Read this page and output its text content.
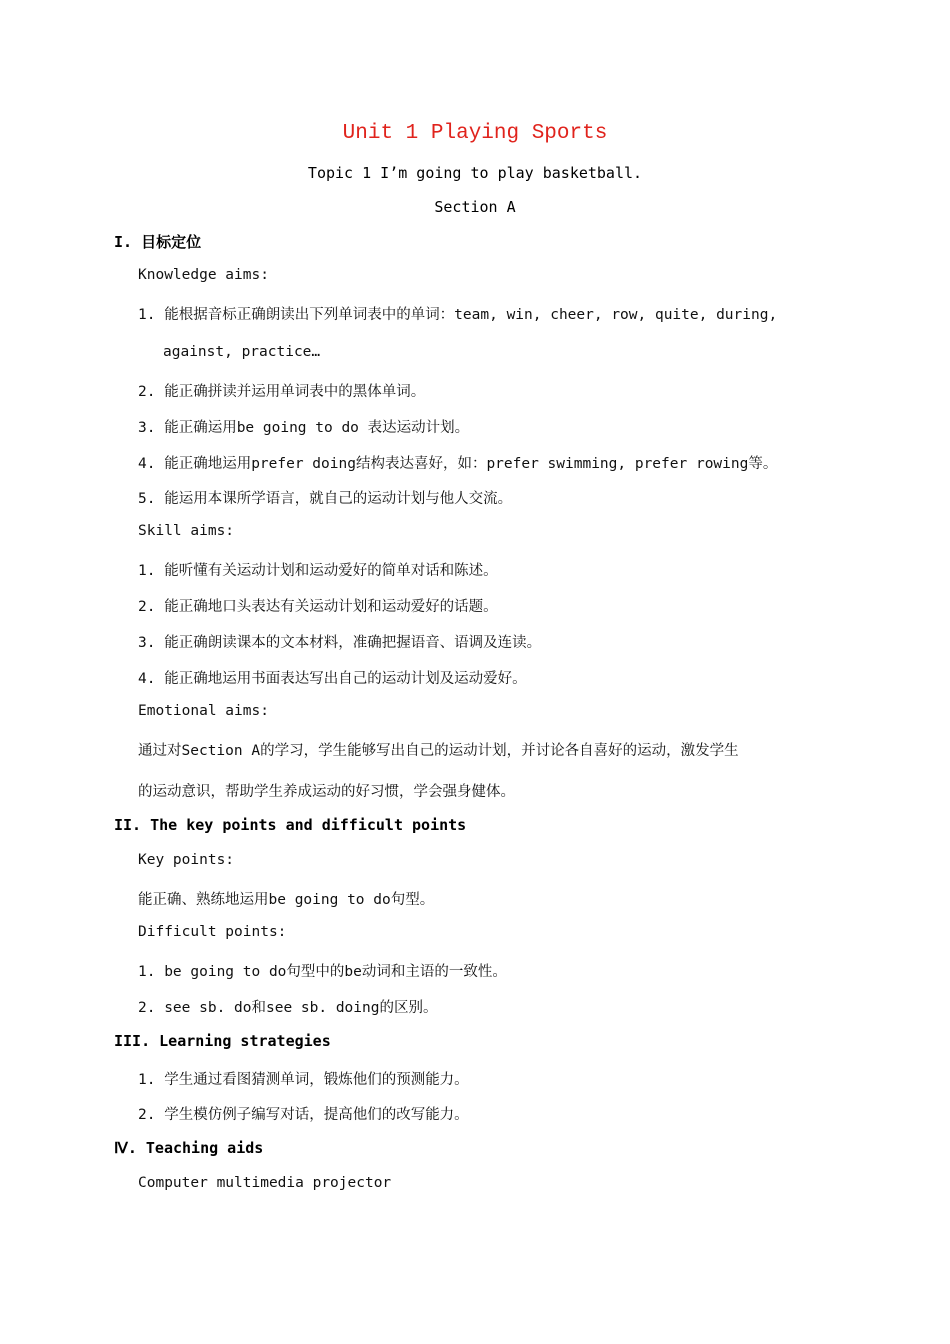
Unit 1 Playing Sports
Topic 1 I’m going to play basketball.
Section A
I. 目标定位
Knowledge aims:
1. 能根据音标正确朗读出下列单词表中的单词：team, win, cheer, row, quite, during,
against, practice…
2. 能正确拼读并运用单词表中的黑体单词。
3. 能正确运用be going to do 表达运动计划。
4. 能正确地运用prefer doing结构表达喜好，如：prefer swimming, prefer rowing等。
5. 能运用本课所学语言，就自己的运动计划与他人交流。
Skill aims:
1. 能听懂有关运动计划和运动爱好的简单对话和陈述。
2. 能正确地口头表达有关运动计划和运动爱好的话题。
3. 能正确朗读课本的文本材料，准确把握语音、语调及连读。
4. 能正确地运用书面表达写出自己的运动计划及运动爱好。
Emotional aims:
通过对Section A的学习，学生能够写出自己的运动计划，并讨论各自喜好的运动，激发学生
的运动意识，帮助学生养成运动的好习惯，学会强身健体。
II. The key points and difficult points
Key points:
能正确、熟练地运用be going to do句型。
Difficult points:
1. be going to do句型中的be动词和主语的一致性。
2. see sb. do和see sb. doing的区别。
III. Learning strategies
1. 学生通过看图猜测单词，锻炼他们的预测能力。
2. 学生模仿例子编写对话，提高他们的改写能力。
Ⅳ. Teaching aids
Computer multimedia projector
